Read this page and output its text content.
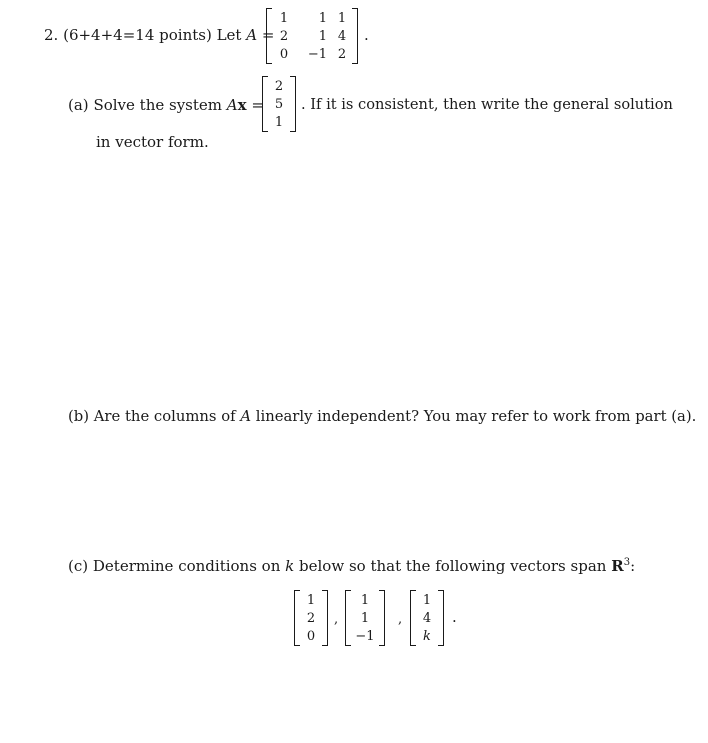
2. (6+4+4=14 points) Let A =
1	1	1
2	1	4
0	−1	2
.
(a) Solve the system Ax =
2
5
1
. If it is consistent, then write the general solution
in vector form.
(b) Are the columns of A linearly independent? You may refer to work from part (a).
(c) Determine conditions on k below so that the following vectors span $R^3$:
1
2
0
,
1
1
−1
,
1
4
k
.
